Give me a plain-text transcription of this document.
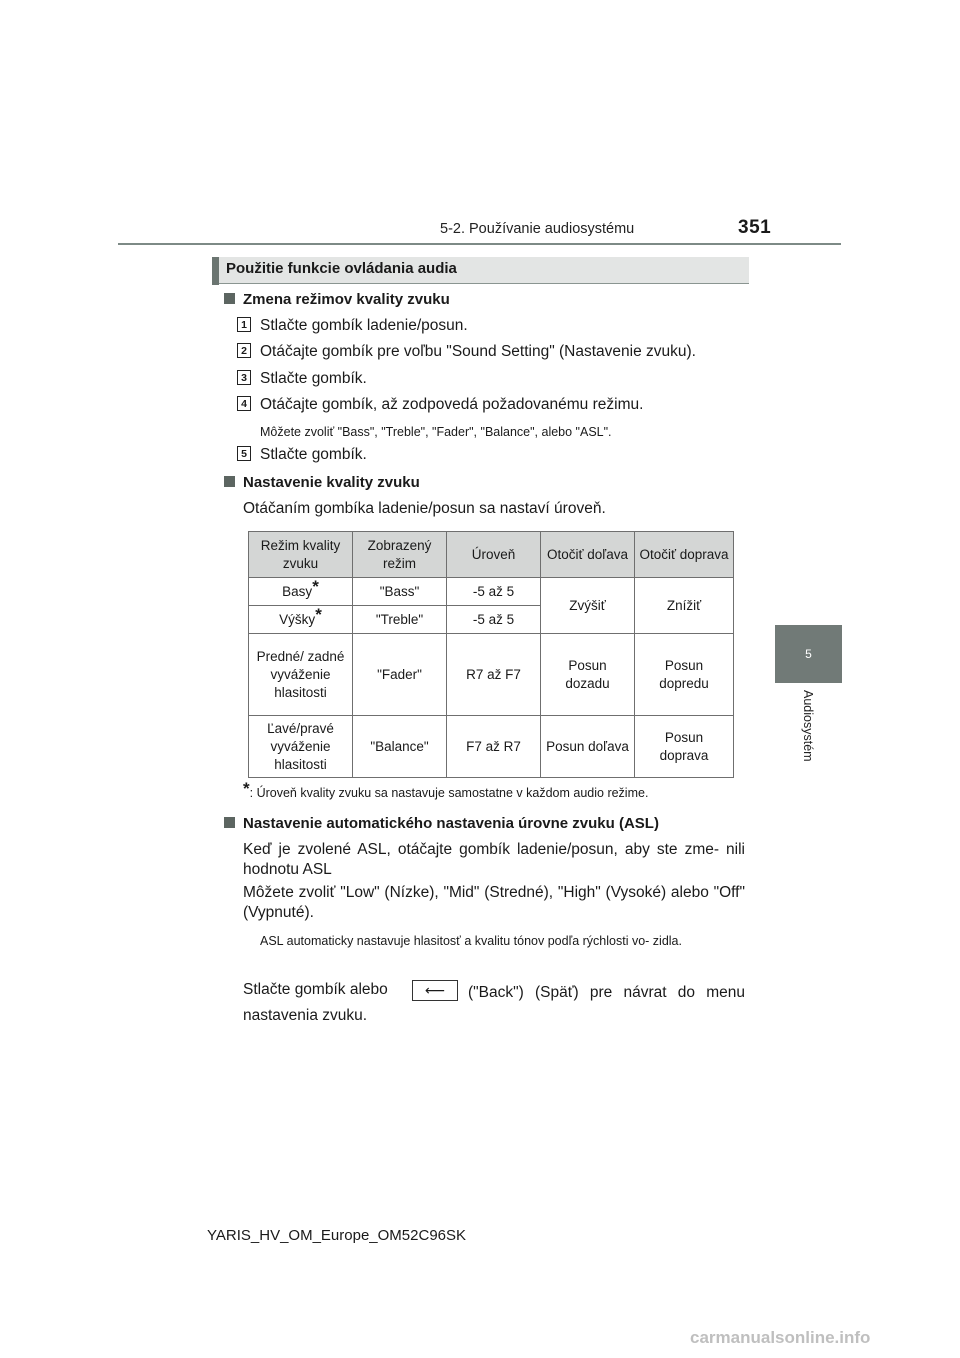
5-2. Používanie audiosystému	351
5
Audiosystém
Použitie funkcie ovládania audia
Zmena režimov kvality zvuku
1 Stlačte gombík ladenie/posun.
2 Otáčajte gombík pre voľbu "Sound Setting" (Nastavenie zvuku).
3 Stlačte gombík.
4 Otáčajte gombík, až zodpovedá požadovanému režimu.
Môžete zvoliť "Bass", "Treble", "Fader", "Balance", alebo "ASL".
5 Stlačte gombík.
Nastavenie kvality zvuku
Otáčaním gombíka ladenie/posun sa nastaví úroveň.
Režim kvality zvuku	Zobrazený režim	Úroveň	Otočiť doľava	Otočiť doprava
Basy*	"Bass"	-5 až 5	Zvýšiť	Znížiť
Výšky*	"Treble"	-5 až 5		
Predné/ zadné vyváženie hlasitosti	"Fader"	R7 až F7	Posun dozadu	Posun dopredu
Ľavé/pravé vyváženie hlasitosti	"Balance"	F7 až R7	Posun doľava	Posun doprava
*: Úroveň kvality zvuku sa nastavuje samostatne v každom audio režime.
Nastavenie automatického nastavenia úrovne zvuku (ASL)
Keď je zvolené ASL, otáčajte gombík ladenie/posun, aby ste zme- nili hodnotu ASL
Môžete zvoliť "Low" (Nízke), "Mid" (Stredné), "High" (Vysoké) alebo "Off" (Vypnuté).
ASL automaticky nastavuje hlasitosť a kvalitu tónov podľa rýchlosti vo- zidla.
Stlačte gombík alebo	⟵	("Back") (Späť) pre návrat do menu nastavenia zvuku.
YARIS_HV_OM_Europe_OM52C96SK
carmanualsonline.info
